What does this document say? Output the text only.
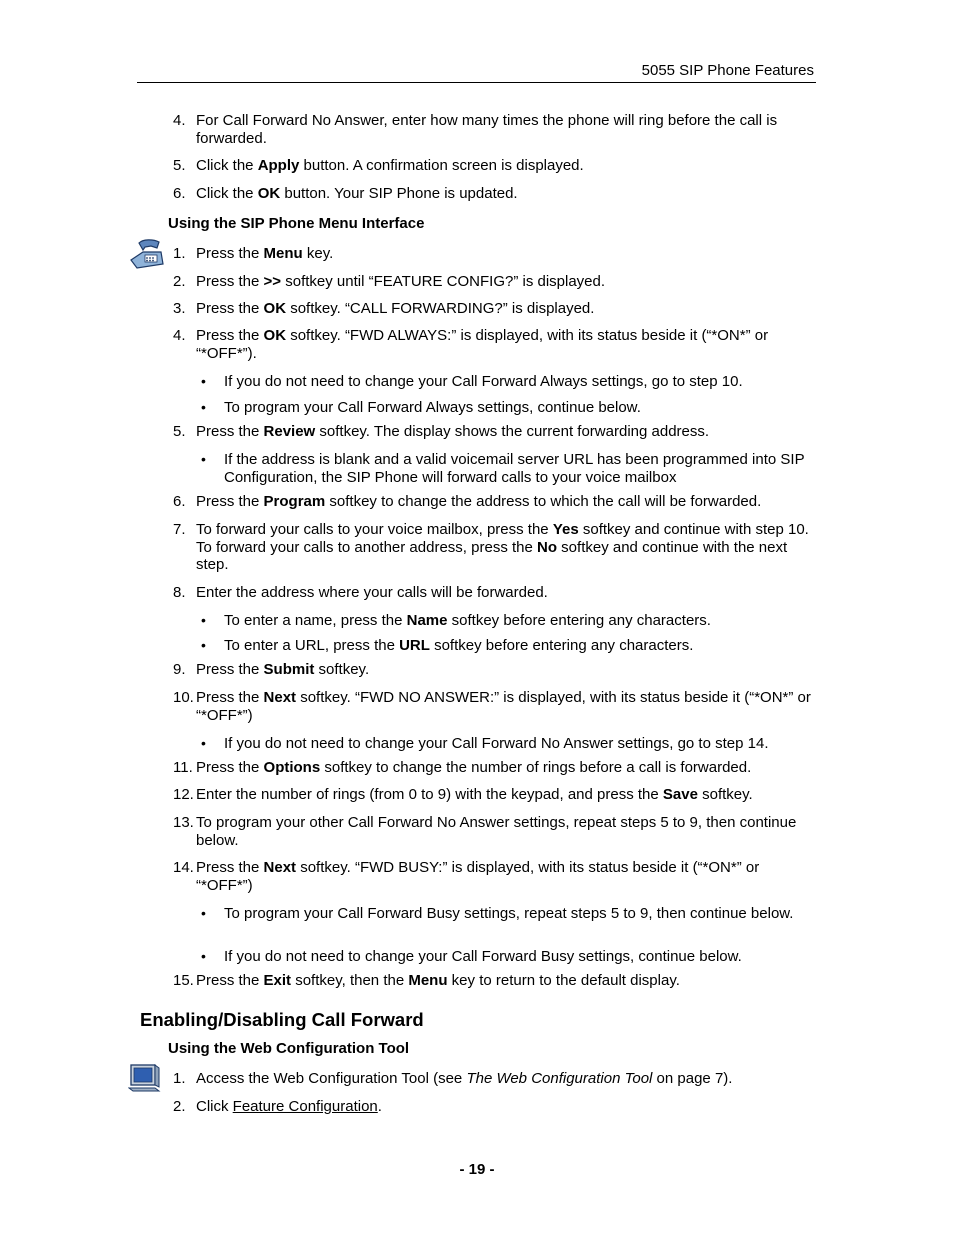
5055 SIP Phone Features
4. For Call Forward No Answer, enter how many times the phone will ring before the call is forwarded.
5. Click the Apply button. A confirmation screen is displayed.
6. Click the OK button. Your SIP Phone is updated.
Using the SIP Phone Menu Interface
1. Press the Menu key.
2. Press the >> softkey until “FEATURE CONFIG?” is displayed.
3. Press the OK softkey. “CALL FORWARDING?” is displayed.
4. Press the OK softkey. “FWD ALWAYS:” is displayed, with its status beside it (“*ON*” or “*OFF*”).
• If you do not need to change your Call Forward Always settings, go to step 10.
• To program your Call Forward Always settings, continue below.
5. Press the Review softkey. The display shows the current forwarding address.
• If the address is blank and a valid voicemail server URL has been programmed into SIP Configuration, the SIP Phone will forward calls to your voice mailbox
6. Press the Program softkey to change the address to which the call will be forwarded.
7. To forward your calls to your voice mailbox, press the Yes softkey and continue with step 10. To forward your calls to another address, press the No softkey and continue with the next step.
8. Enter the address where your calls will be forwarded.
• To enter a name, press the Name softkey before entering any characters.
• To enter a URL, press the URL softkey before entering any characters.
9. Press the Submit softkey.
10. Press the Next softkey. “FWD NO ANSWER:” is displayed, with its status beside it (“*ON*” or “*OFF*”)
• If you do not need to change your Call Forward No Answer settings, go to step 14.
11. Press the Options softkey to change the number of rings before a call is forwarded.
12. Enter the number of rings (from 0 to 9) with the keypad, and press the Save softkey.
13. To program your other Call Forward No Answer settings, repeat steps 5 to 9, then continue below.
14. Press the Next softkey. “FWD BUSY:” is displayed, with its status beside it (“*ON*” or “*OFF*”)
• To program your Call Forward Busy settings, repeat steps 5 to 9, then continue below.
• If you do not need to change your Call Forward Busy settings, continue below.
15. Press the Exit softkey, then the Menu key to return to the default display.
Enabling/Disabling Call Forward
Using the Web Configuration Tool
1. Access the Web Configuration Tool (see The Web Configuration Tool on page 7).
2. Click Feature Configuration.
- 19 -
